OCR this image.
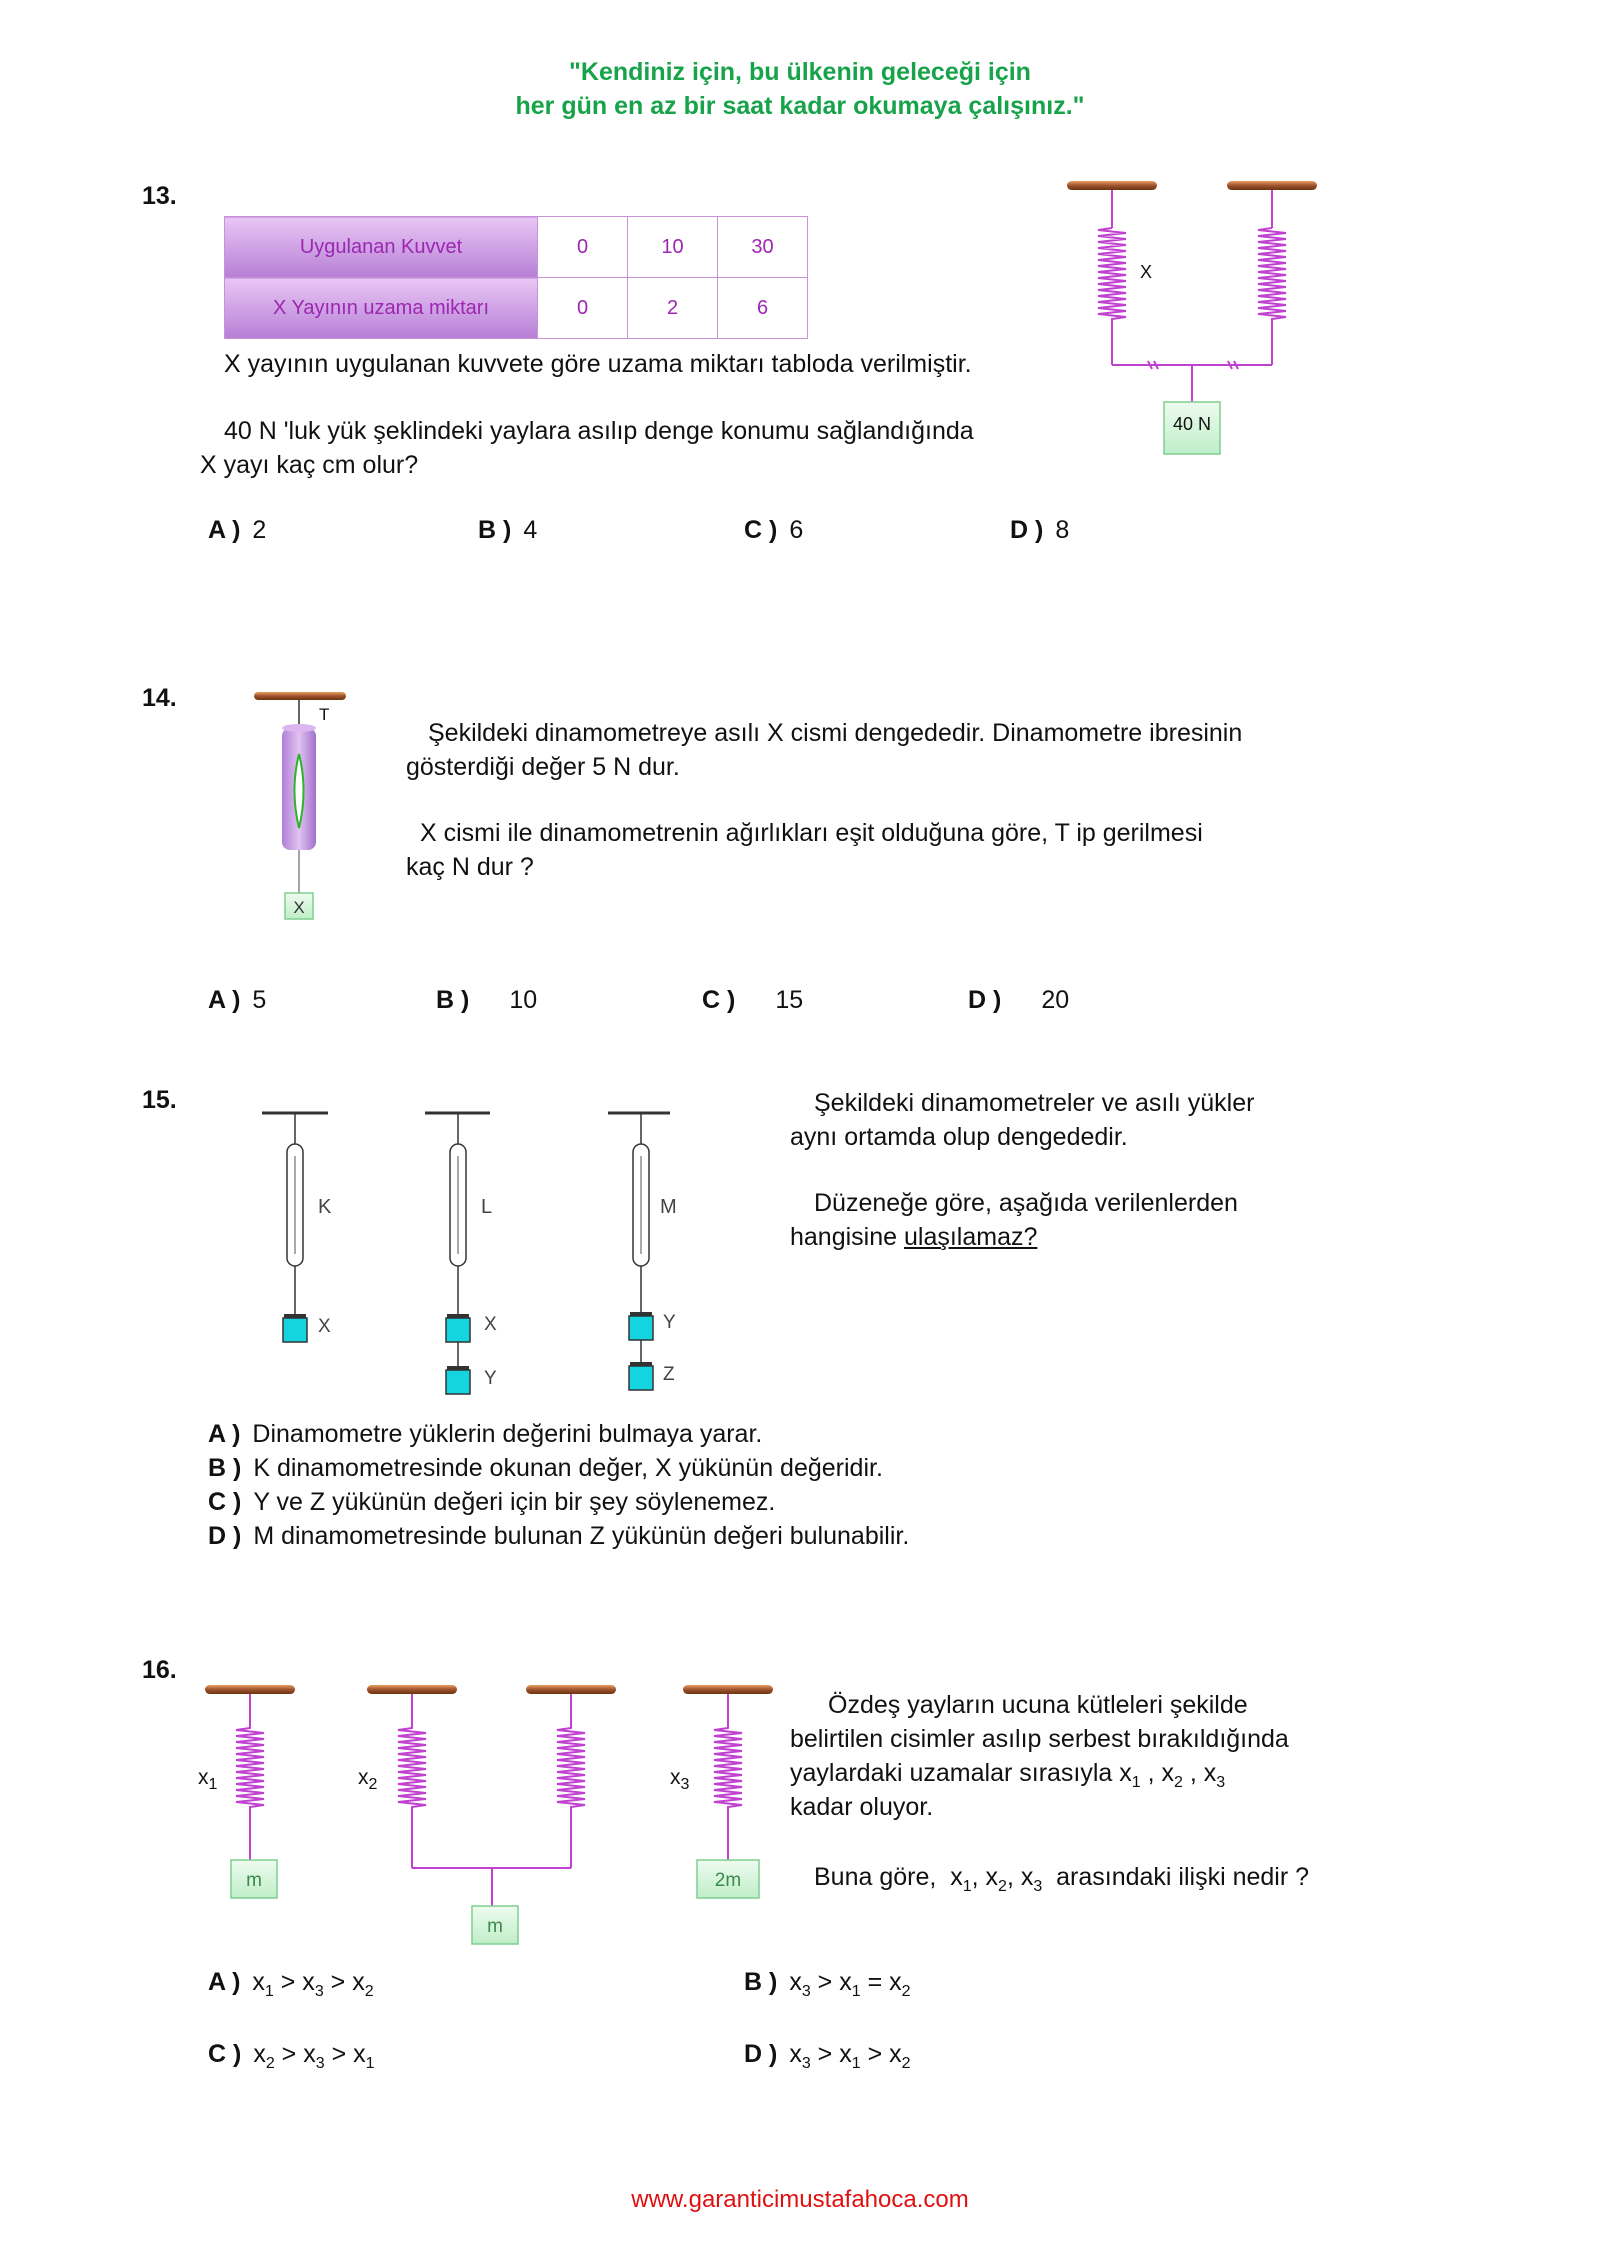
"Kendiniz için, bu ülkenin geleceği için
her gün en az bir saat kadar okumaya çalışınız."
13.
Uygulanan Kuvvet	0	10	30
X Yayının uzama miktarı	0	2	6
X yayının uygulanan kuvvete göre uzama miktarı tabloda verilmiştir.
40 N 'luk yük şeklindeki yaylara asılıp denge konumu sağlandığında
X yayı kaç cm olur?
X
40 N
A ) 2	B ) 4	C ) 6	D ) 8
14.
T
X
Şekildeki dinamometreye asılı X cismi dengededir. Dinamometre ibresinin
gösterdiği değer 5 N dur.
X cismi ile dinamometrenin ağırlıkları eşit olduğuna göre, T ip gerilmesi
kaç N dur ?
A ) 5	B ) 10	C ) 15	D ) 20
15.
K
X
L
X
Y
M
Y
Z
Şekildeki dinamometreler ve asılı yükler
aynı ortamda olup dengededir.
Düzeneğe göre, aşağıda verilenlerden
hangisine ulaşılamaz?
A ) Dinamometre yüklerin değerini bulmaya yarar.
B ) K dinamometresinde okunan değer, X yükünün değeridir.
C ) Y ve Z yükünün değeri için bir şey söylenemez.
D ) M dinamometresinde bulunan Z yükünün değeri bulunabilir.
16.
$x_1$	$x_2$	$x_3$
m
m
2m
Özdeş yayların ucuna kütleleri şekilde
belirtilen cisimler asılıp serbest bırakıldığında
yaylardaki uzamalar sırasıyla $x_1$ , $x_2$ , $x_3$
kadar oluyor.
Buna göre,  $x_1$, $x_2$, $x_3$  arasındaki ilişki nedir ?
A ) $x_1 > x_3 > x_2$	B ) $x_3 > x_1 = x_2$
C ) $x_2 > x_3 > x_1$	D ) $x_3 > x_1 > x_2$
www.garanticimustafahoca.com
